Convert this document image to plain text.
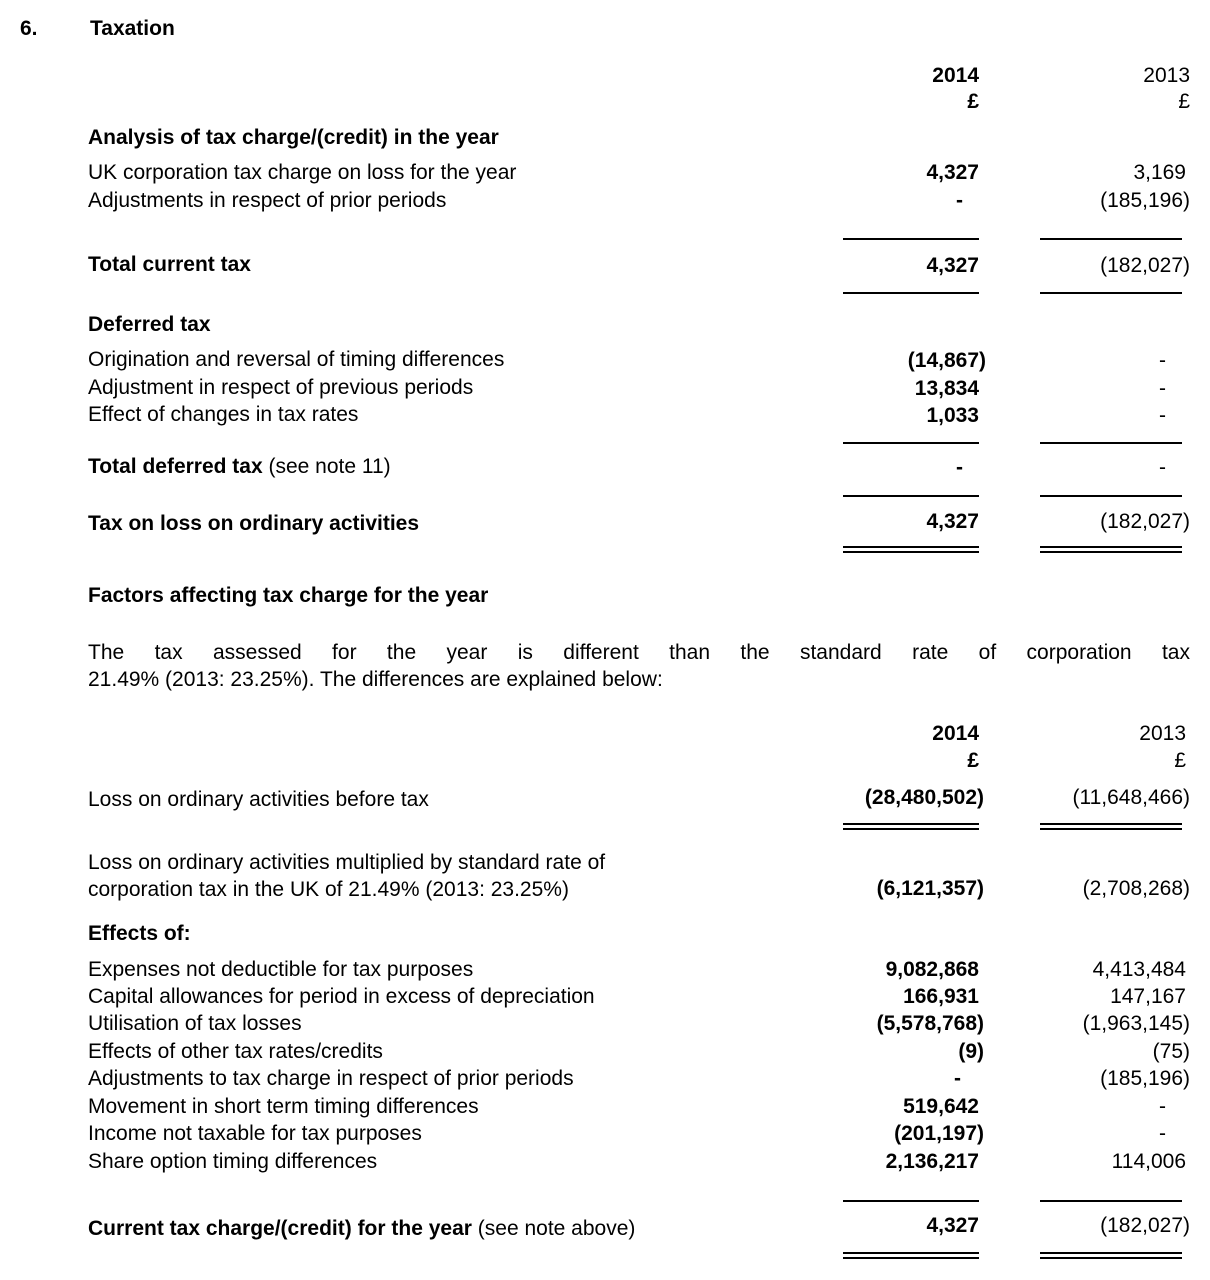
6. Taxation
2014
£
2013
£
Analysis of tax charge/(credit) in the year
UK corporation tax charge on loss for the year	4,327	3,169
Adjustments in respect of prior periods	-	(185,196)
Total current tax	4,327	(182,027)
Deferred tax
Origination and reversal of timing differences	(14,867)	-
Adjustment in respect of previous periods	13,834	-
Effect of changes in tax rates	1,033	-
Total deferred tax (see note 11)	-	-
Tax on loss on ordinary activities	4,327	(182,027)
Factors affecting tax charge for the year
The tax assessed for the year is different than the standard rate of corporation tax
21.49% (2013: 23.25%). The differences are explained below:
2014
£
2013
£
Loss on ordinary activities before tax	(28,480,502)	(11,648,466)
Loss on ordinary activities multiplied by standard rate of
corporation tax in the UK of 21.49% (2013: 23.25%)	(6,121,357)	(2,708,268)
Effects of:
Expenses not deductible for tax purposes	9,082,868	4,413,484
Capital allowances for period in excess of depreciation	166,931	147,167
Utilisation of tax losses	(5,578,768)	(1,963,145)
Effects of other tax rates/credits	(9)	(75)
Adjustments to tax charge in respect of prior periods	-	(185,196)
Movement in short term timing differences	519,642	-
Income not taxable for tax purposes	(201,197)	-
Share option timing differences	2,136,217	114,006
Current tax charge/(credit) for the year (see note above)	4,327	(182,027)
